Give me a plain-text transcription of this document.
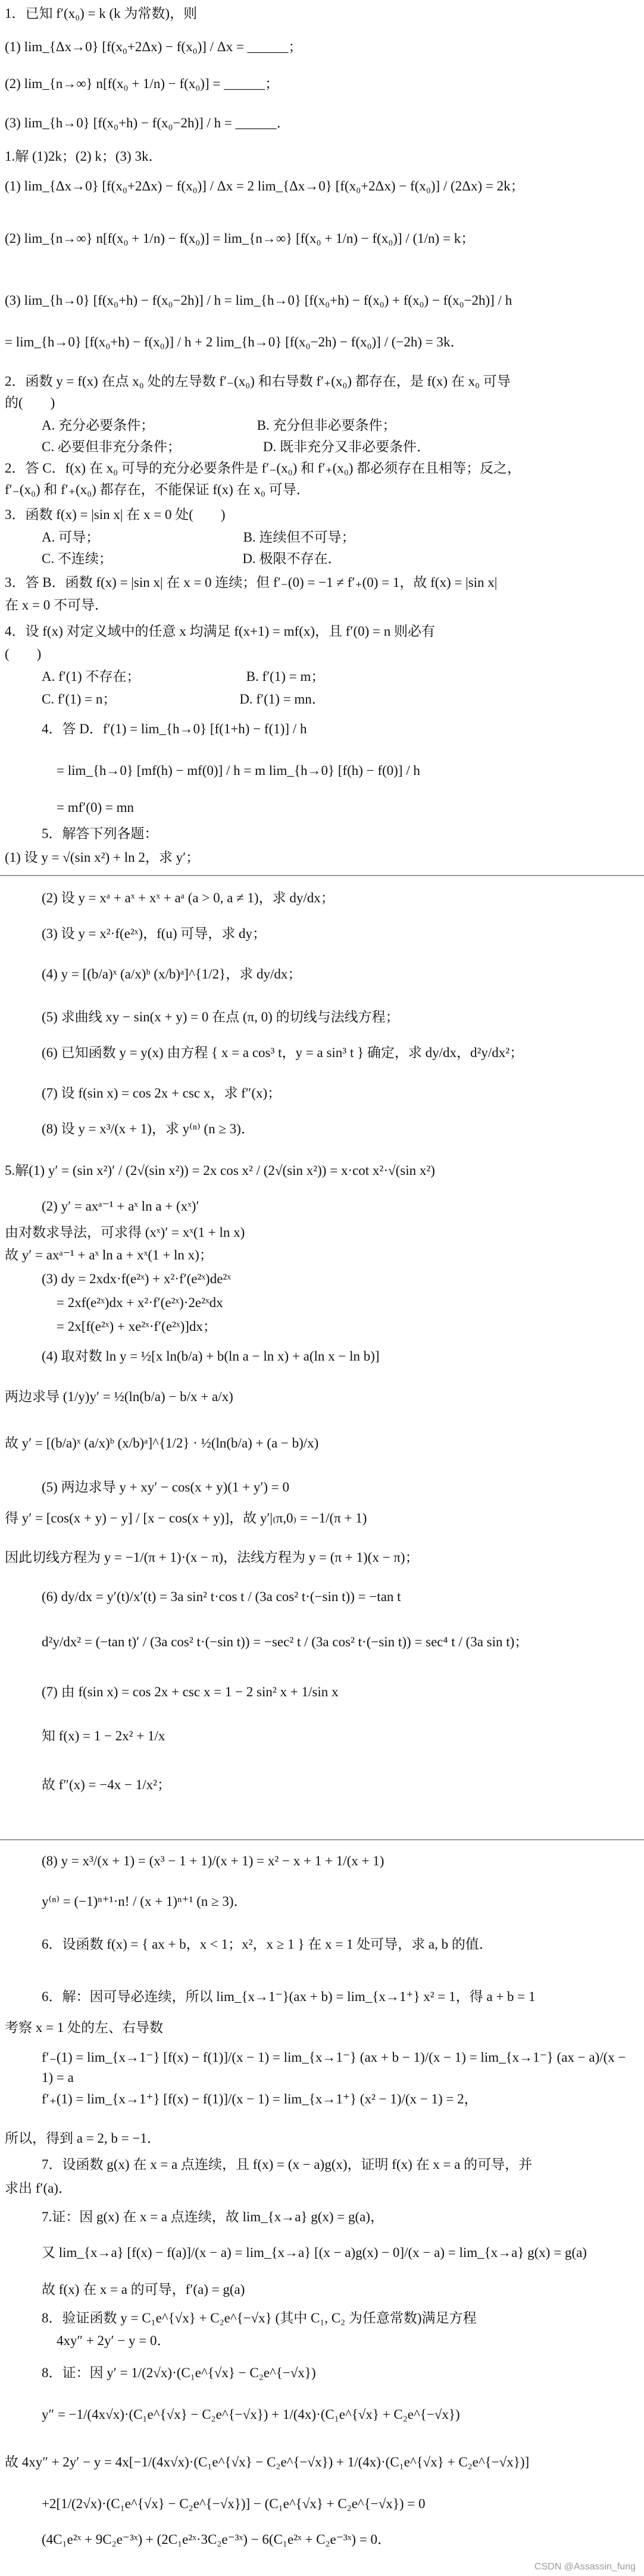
1．已知 f′(x₀) = k (k 为常数)，则
(1) lim_{Δx→0} [f(x₀+2Δx) − f(x₀)] / Δx = ______；
(2) lim_{n→∞} n[f(x₀ + 1/n) − f(x₀)] = ______；
(3) lim_{h→0} [f(x₀+h) − f(x₀−2h)] / h = ______．
1.解 (1)2k；(2) k；(3) 3k．
(1) lim_{Δx→0} [f(x₀+2Δx) − f(x₀)] / Δx = 2 lim_{Δx→0} [f(x₀+2Δx) − f(x₀)] / (2Δx) = 2k；
(2) lim_{n→∞} n[f(x₀ + 1/n) − f(x₀)] = lim_{n→∞} [f(x₀ + 1/n) − f(x₀)] / (1/n) = k；
(3) lim_{h→0} [f(x₀+h) − f(x₀−2h)] / h = lim_{h→0} [f(x₀+h) − f(x₀) + f(x₀) − f(x₀−2h)] / h
= lim_{h→0} [f(x₀+h) − f(x₀)] / h + 2 lim_{h→0} [f(x₀−2h) − f(x₀)] / (−2h) = 3k．
2．函数 y = f(x) 在点 x₀ 处的左导数 f′₋(x₀) 和右导数 f′₊(x₀) 都存在，是 f(x) 在 x₀ 可导
的(        )
A. 充分必要条件；                              B. 充分但非必要条件；
C. 必要但非充分条件；                        D. 既非充分又非必要条件．
2．答 C．f(x) 在 x₀ 可导的充分必要条件是 f′₋(x₀) 和 f′₊(x₀) 都必须存在且相等；反之，
f′₋(x₀) 和 f′₊(x₀) 都存在，不能保证 f(x) 在 x₀ 可导．
3．函数 f(x) = |sin x| 在 x = 0 处(        )
A. 可导；                                          B. 连续但不可导；
C. 不连续；                                      D. 极限不存在．
3．答 B．函数 f(x) = |sin x| 在 x = 0 连续；但 f′₋(0) = −1 ≠ f′₊(0) = 1，故 f(x) = |sin x|
在 x = 0 不可导．
4．设 f(x) 对定义域中的任意 x 均满足 f(x+1) = mf(x)，且 f′(0) = n 则必有
(        )
A. f′(1) 不存在；                               B. f′(1) = m；
C. f′(1) = n；                                    D. f′(1) = mn．
4．答 D．f′(1) = lim_{h→0} [f(1+h) − f(1)] / h
= lim_{h→0} [mf(h) − mf(0)] / h = m lim_{h→0} [f(h) − f(0)] / h
= mf′(0) = mn
5．解答下列各题：
(1) 设 y = √(sin x²) + ln 2，求 y′；
(2) 设 y = xᵃ + aˣ + xˣ + aᵃ (a > 0, a ≠ 1)，求 dy/dx；
(3) 设 y = x²·f(e²ˣ)，f(u) 可导，求 dy；
(4) y = [(b/a)ˣ (a/x)ᵇ (x/b)ᵃ]^{1/2}，求 dy/dx；
(5) 求曲线 xy − sin(x + y) = 0 在点 (π, 0) 的切线与法线方程；
(6) 已知函数 y = y(x) 由方程 { x = a cos³ t，y = a sin³ t } 确定，求 dy/dx，d²y/dx²；
(7) 设 f(sin x) = cos 2x + csc x，求 f″(x)；
(8) 设 y = x³/(x + 1)，求 y⁽ⁿ⁾ (n ≥ 3)．
5.解(1) y′ = (sin x²)′ / (2√(sin x²)) = 2x cos x² / (2√(sin x²)) = x·cot x²·√(sin x²)
(2) y′ = axᵃ⁻¹ + aˣ ln a + (xˣ)′
由对数求导法，可求得 (xˣ)′ = xˣ(1 + ln x)
故 y′ = axᵃ⁻¹ + aˣ ln a + xˣ(1 + ln x)；
(3) dy = 2xdx·f(e²ˣ) + x²·f′(e²ˣ)de²ˣ
= 2xf(e²ˣ)dx + x²·f′(e²ˣ)·2e²ˣdx
= 2x[f(e²ˣ) + xe²ˣ·f′(e²ˣ)]dx；
(4) 取对数 ln y = ½[x ln(b/a) + b(ln a − ln x) + a(ln x − ln b)]
两边求导 (1/y)y′ = ½(ln(b/a) − b/x + a/x)
故 y′ = [(b/a)ˣ (a/x)ᵇ (x/b)ᵃ]^{1/2} · ½(ln(b/a) + (a − b)/x)
(5) 两边求导 y + xy′ − cos(x + y)(1 + y′) = 0
得 y′ = [cos(x + y) − y] / [x − cos(x + y)]，故 y′|₍π,0₎ = −1/(π + 1)
因此切线方程为 y = −1/(π + 1)·(x − π)，法线方程为 y = (π + 1)(x − π)；
(6) dy/dx = y′(t)/x′(t) = 3a sin² t·cos t / (3a cos² t·(−sin t)) = −tan t
d²y/dx² = (−tan t)′ / (3a cos² t·(−sin t)) = −sec² t / (3a cos² t·(−sin t)) = sec⁴ t / (3a sin t)；
(7) 由 f(sin x) = cos 2x + csc x = 1 − 2 sin² x + 1/sin x
知 f(x) = 1 − 2x² + 1/x
故 f″(x) = −4x − 1/x²；
(8) y = x³/(x + 1) = (x³ − 1 + 1)/(x + 1) = x² − x + 1 + 1/(x + 1)
y⁽ⁿ⁾ = (−1)ⁿ⁺¹·n! / (x + 1)ⁿ⁺¹ (n ≥ 3)．
6．设函数 f(x) = { ax + b，x < 1；x²，x ≥ 1 } 在 x = 1 处可导，求 a, b 的值．
6．解：因可导必连续，所以 lim_{x→1⁻}(ax + b) = lim_{x→1⁺} x² = 1，得 a + b = 1
考察 x = 1 处的左、右导数
f′₋(1) = lim_{x→1⁻} [f(x) − f(1)]/(x − 1) = lim_{x→1⁻} (ax + b − 1)/(x − 1) = lim_{x→1⁻} (ax − a)/(x − 1) = a
f′₊(1) = lim_{x→1⁺} [f(x) − f(1)]/(x − 1) = lim_{x→1⁺} (x² − 1)/(x − 1) = 2，
所以，得到 a = 2, b = −1．
7．设函数 g(x) 在 x = a 点连续，且 f(x) = (x − a)g(x)，证明 f(x) 在 x = a 的可导，并
求出 f′(a)．
7.证：因 g(x) 在 x = a 点连续，故 lim_{x→a} g(x) = g(a)，
又 lim_{x→a} [f(x) − f(a)]/(x − a) = lim_{x→a} [(x − a)g(x) − 0]/(x − a) = lim_{x→a} g(x) = g(a)
故 f(x) 在 x = a 的可导，f′(a) = g(a)
8．验证函数 y = C₁e^{√x} + C₂e^{−√x} (其中 C₁, C₂ 为任意常数)满足方程
4xy″ + 2y′ − y = 0．
8．证：因 y′ = 1/(2√x)·(C₁e^{√x} − C₂e^{−√x})
y″ = −1/(4x√x)·(C₁e^{√x} − C₂e^{−√x}) + 1/(4x)·(C₁e^{√x} + C₂e^{−√x})
故 4xy″ + 2y′ − y = 4x[−1/(4x√x)·(C₁e^{√x} − C₂e^{−√x}) + 1/(4x)·(C₁e^{√x} + C₂e^{−√x})]
+2[1/(2√x)·(C₁e^{√x} − C₂e^{−√x})] − (C₁e^{√x} + C₂e^{−√x}) = 0
(4C₁e²ˣ + 9C₂e⁻³ˣ) + (2C₁e²ˣ·3C₂e⁻³ˣ) − 6(C₁e²ˣ + C₂e⁻³ˣ) = 0．
CSDN @Assassin_fung
